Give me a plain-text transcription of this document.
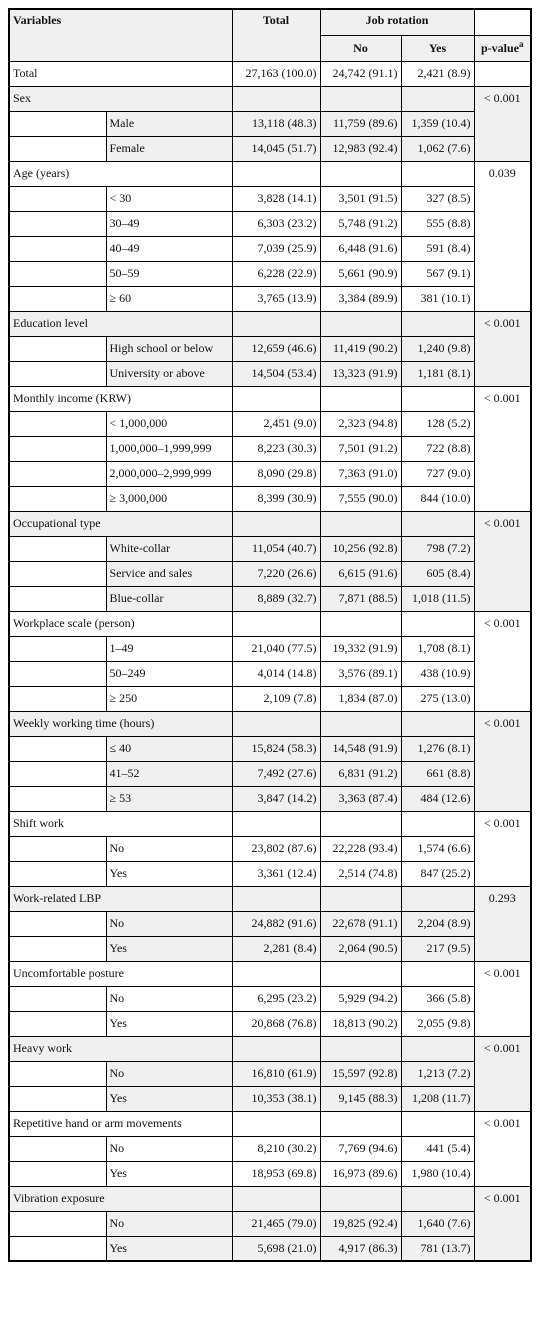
Variables		Total	Job rotation		
			No	Yes	p-value$^a$
Total		27,163 (100.0)	24,742 (91.1)	2,421 (8.9)	
Sex					< 0.001
	Male	13,118 (48.3)	11,759 (89.6)	1,359 (10.4)	
	Female	14,045 (51.7)	12,983 (92.4)	1,062 (7.6)	
Age (years)					0.039
	< 30	3,828 (14.1)	3,501 (91.5)	327 (8.5)	
	30–49	6,303 (23.2)	5,748 (91.2)	555 (8.8)	
	40–49	7,039 (25.9)	6,448 (91.6)	591 (8.4)	
	50–59	6,228 (22.9)	5,661 (90.9)	567 (9.1)	
	≥ 60	3,765 (13.9)	3,384 (89.9)	381 (10.1)	
Education level					< 0.001
	High school or below	12,659 (46.6)	11,419 (90.2)	1,240 (9.8)	
	University or above	14,504 (53.4)	13,323 (91.9)	1,181 (8.1)	
Monthly income (KRW)					< 0.001
	< 1,000,000	2,451 (9.0)	2,323 (94.8)	128 (5.2)	
	1,000,000–1,999,999	8,223 (30.3)	7,501 (91.2)	722 (8.8)	
	2,000,000–2,999,999	8,090 (29.8)	7,363 (91.0)	727 (9.0)	
	≥ 3,000,000	8,399 (30.9)	7,555 (90.0)	844 (10.0)	
Occupational type					< 0.001
	White-collar	11,054 (40.7)	10,256 (92.8)	798 (7.2)	
	Service and sales	7,220 (26.6)	6,615 (91.6)	605 (8.4)	
	Blue-collar	8,889 (32.7)	7,871 (88.5)	1,018 (11.5)	
Workplace scale (person)					< 0.001
	1–49	21,040 (77.5)	19,332 (91.9)	1,708 (8.1)	
	50–249	4,014 (14.8)	3,576 (89.1)	438 (10.9)	
	≥ 250	2,109 (7.8)	1,834 (87.0)	275 (13.0)	
Weekly working time (hours)					< 0.001
	≤ 40	15,824 (58.3)	14,548 (91.9)	1,276 (8.1)	
	41–52	7,492 (27.6)	6,831 (91.2)	661 (8.8)	
	≥ 53	3,847 (14.2)	3,363 (87.4)	484 (12.6)	
Shift work					< 0.001
	No	23,802 (87.6)	22,228 (93.4)	1,574 (6.6)	
	Yes	3,361 (12.4)	2,514 (74.8)	847 (25.2)	
Work-related LBP					0.293
	No	24,882 (91.6)	22,678 (91.1)	2,204 (8.9)	
	Yes	2,281 (8.4)	2,064 (90.5)	217 (9.5)	
Uncomfortable posture					< 0.001
	No	6,295 (23.2)	5,929 (94.2)	366 (5.8)	
	Yes	20,868 (76.8)	18,813 (90.2)	2,055 (9.8)	
Heavy work					< 0.001
	No	16,810 (61.9)	15,597 (92.8)	1,213 (7.2)	
	Yes	10,353 (38.1)	9,145 (88.3)	1,208 (11.7)	
Repetitive hand or arm movements					< 0.001
	No	8,210 (30.2)	7,769 (94.6)	441 (5.4)	
	Yes	18,953 (69.8)	16,973 (89.6)	1,980 (10.4)	
Vibration exposure					< 0.001
	No	21,465 (79.0)	19,825 (92.4)	1,640 (7.6)	
	Yes	5,698 (21.0)	4,917 (86.3)	781 (13.7)	
